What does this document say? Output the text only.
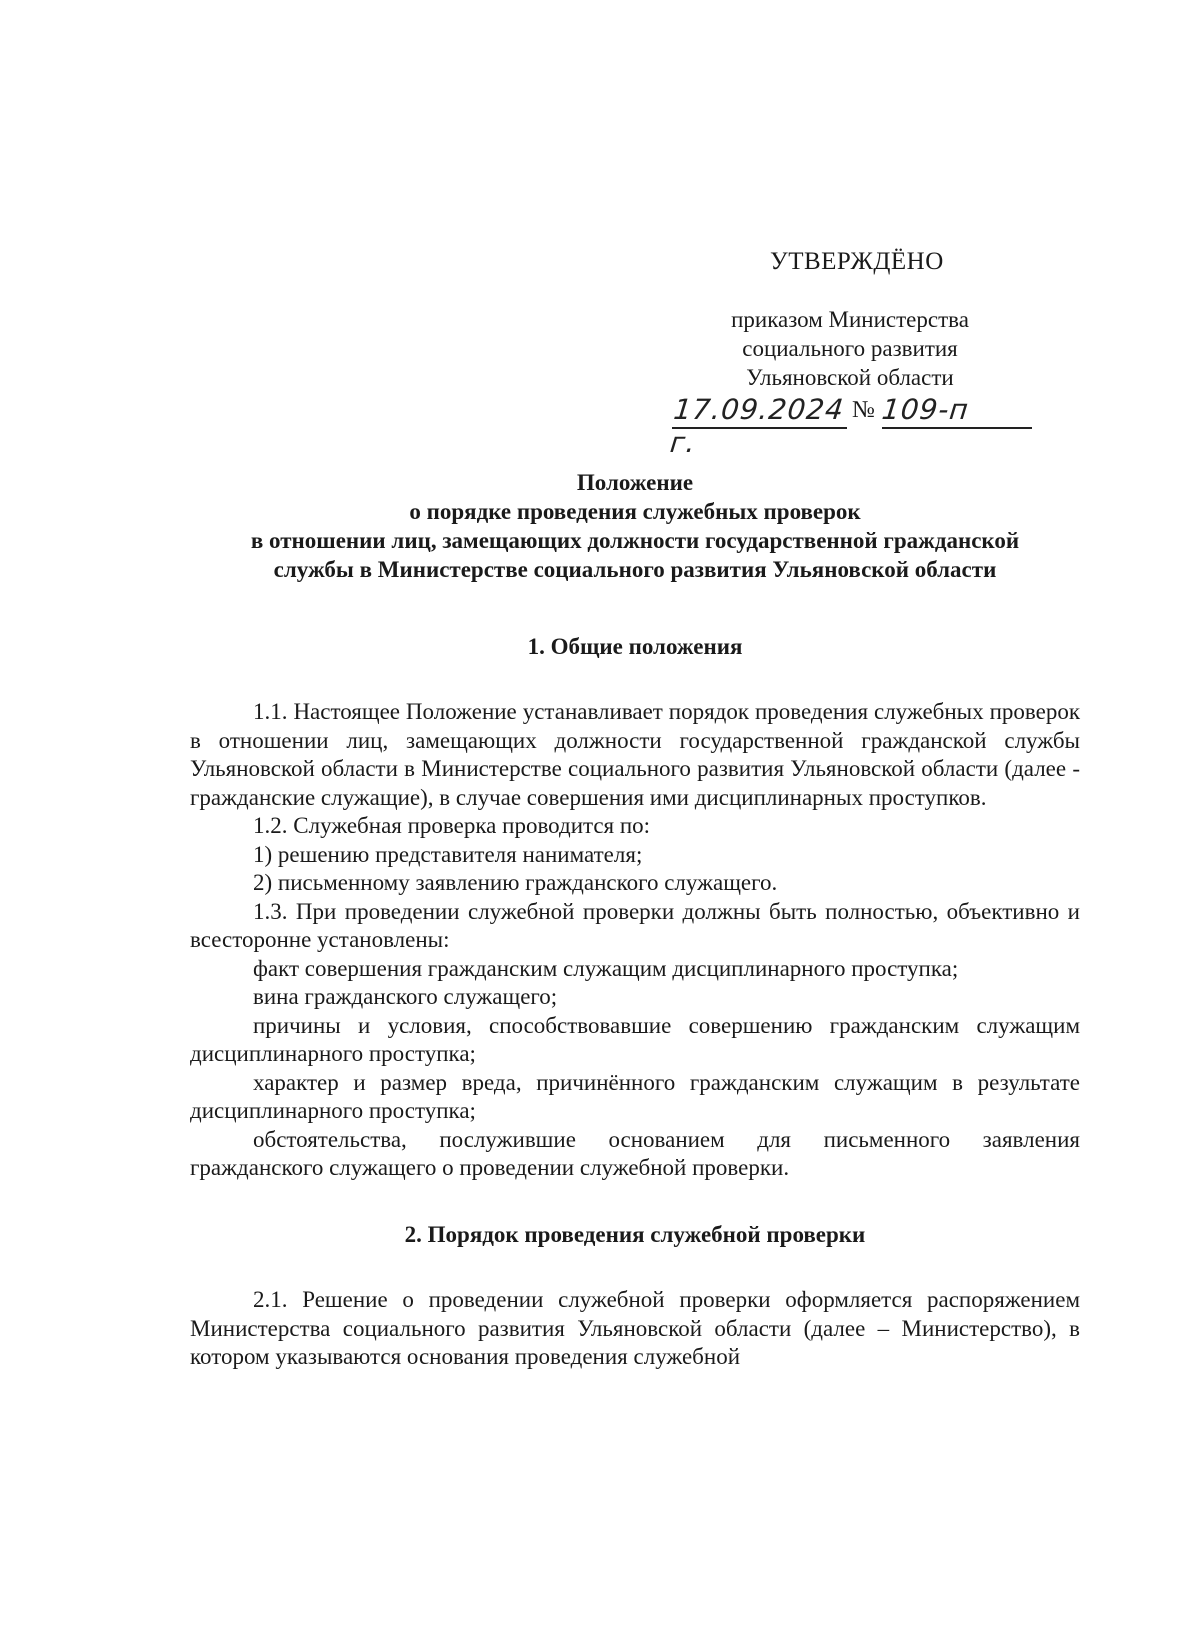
УТВЕРЖДЁНО
приказом Министерства
социального развития
Ульяновской области
17.09.2024 г.
№ 109-п
Положение
о порядке проведения служебных проверок
в отношении лиц, замещающих должности государственной гражданской
службы в Министерстве социального развития Ульяновской области
1. Общие положения

1.1. Настоящее Положение устанавливает порядок проведения служебных проверок в отношении лиц, замещающих должности государственной гражданской службы Ульяновской области в Министерстве социального развития Ульяновской области (далее - гражданские служащие), в случае совершения ими дисциплинарных проступков.

1.2. Служебная проверка проводится по:

1) решению представителя нанимателя;

2) письменному заявлению гражданского служащего.

1.3. При проведении служебной проверки должны быть полностью, объективно и всесторонне установлены:

факт совершения гражданским служащим дисциплинарного проступка;

вина гражданского служащего;

причины и условия, способствовавшие совершению гражданским служащим дисциплинарного проступка;

характер и размер вреда, причинённого гражданским служащим в результате дисциплинарного проступка;

обстоятельства, послужившие основанием для письменного заявления гражданского служащего о проведении служебной проверки.

2. Порядок проведения служебной проверки

2.1. Решение о проведении служебной проверки оформляется распоряжением Министерства социального развития Ульяновской области (далее – Министерство), в котором указываются основания проведения служебной
